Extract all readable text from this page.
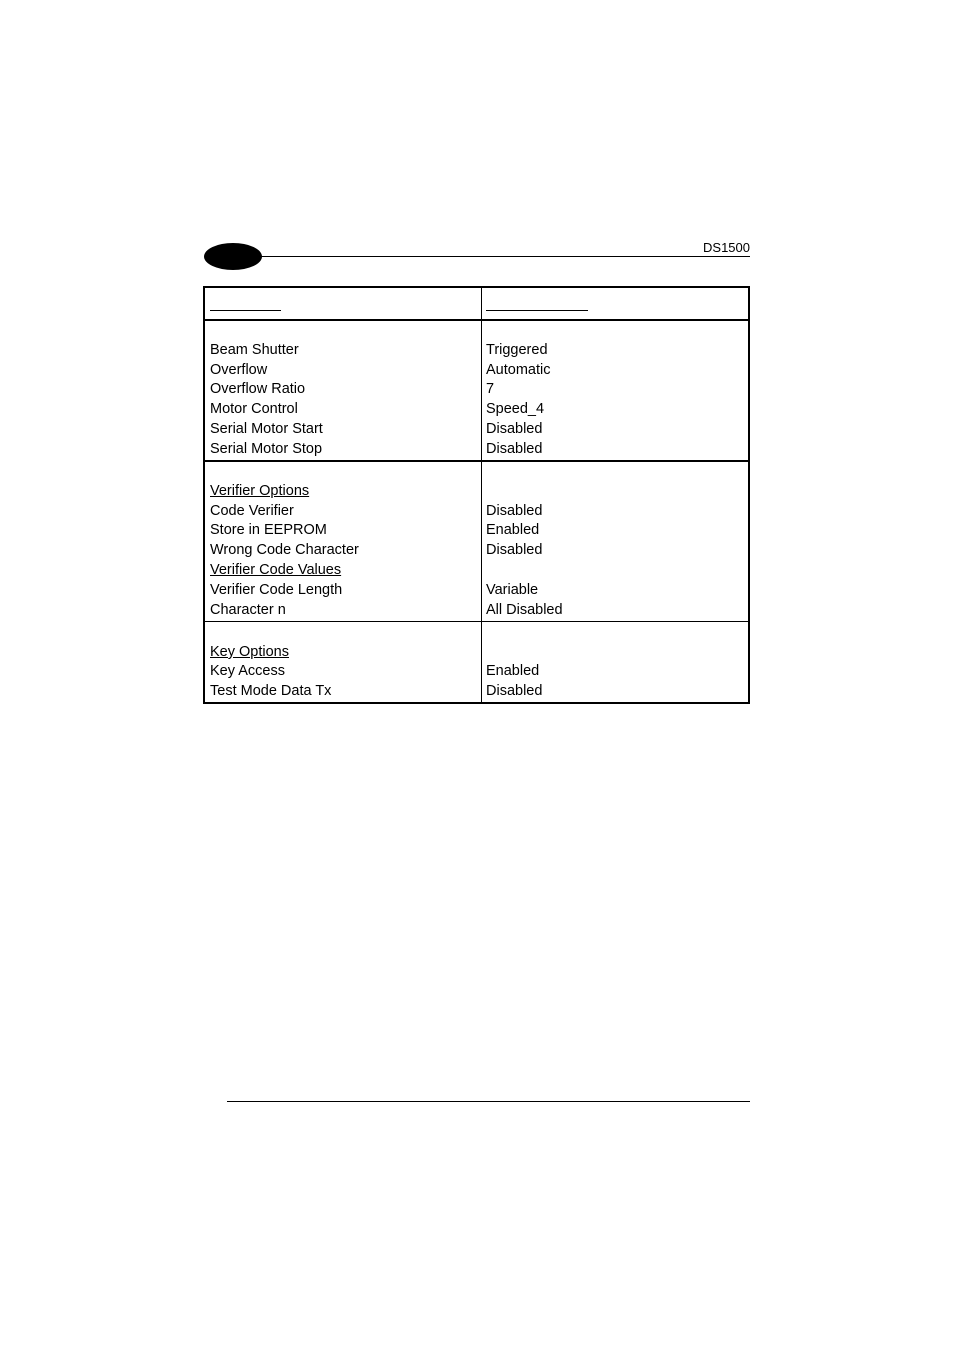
DS1500
Beam Shutter	Triggered
Overflow	Automatic
Overflow Ratio	7
Motor Control	Speed_4
Serial Motor Start	Disabled
Serial Motor Stop	Disabled
Verifier Options
Code Verifier	Disabled
Store in EEPROM	Enabled
Wrong Code Character	Disabled
Verifier Code Values
Verifier Code Length	Variable
Character n	All Disabled
Key Options
Key Access	Enabled
Test Mode Data Tx	Disabled
